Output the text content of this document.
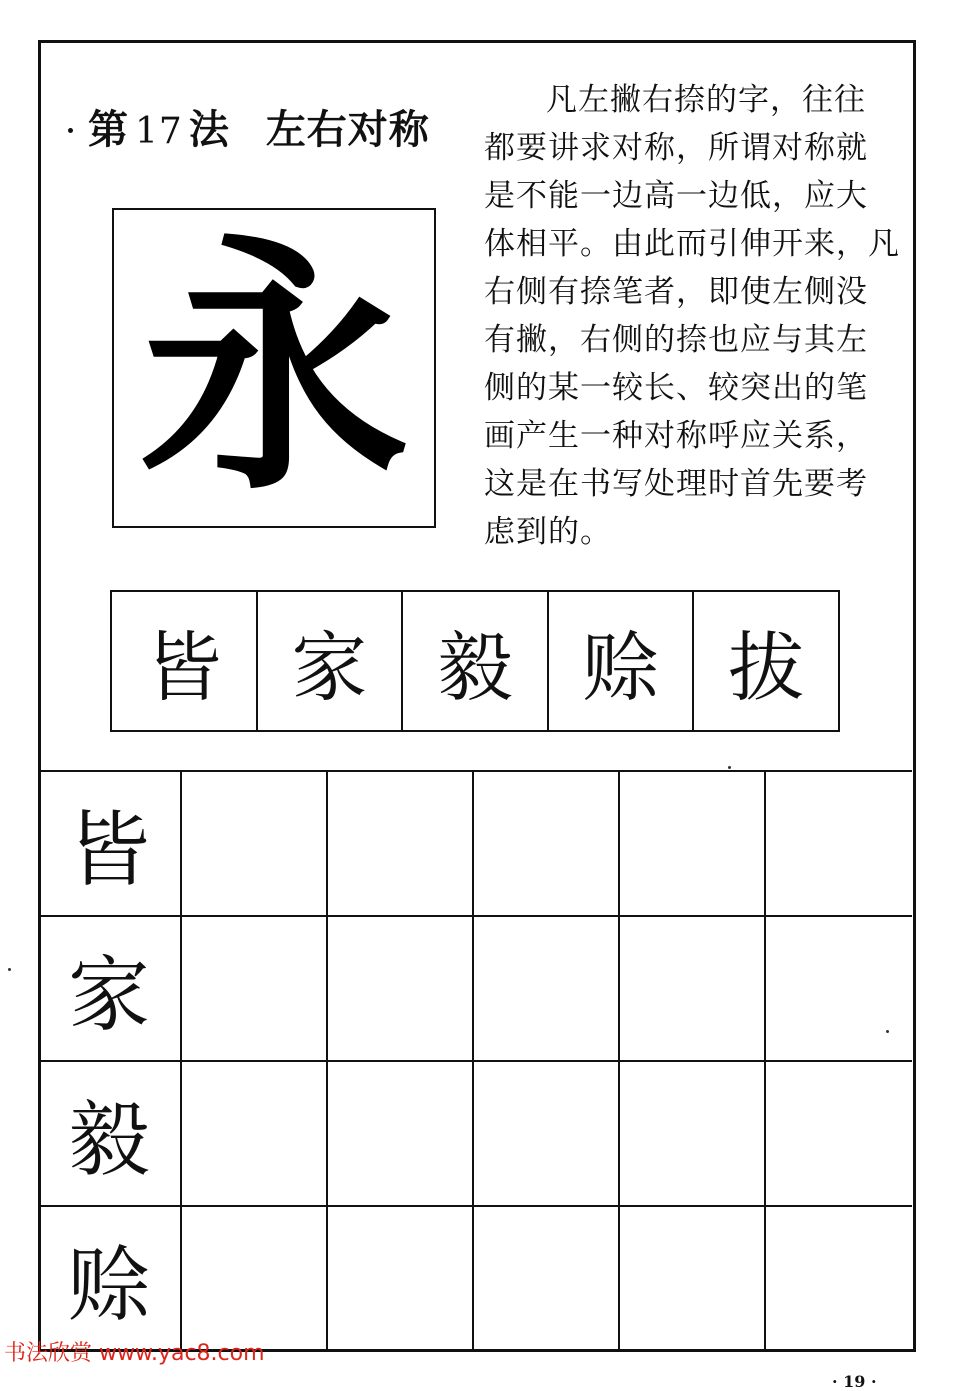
第 17 法 左右对称
永
凡左撇右捺的字，往往
都要讲求对称，所谓对称就
是不能一边高一边低，应大
体相平。由此而引伸开来，凡
右侧有捺笔者，即使左侧没
有撇，右侧的捺也应与其左
侧的某一较长、较突出的笔
画产生一种对称呼应关系，
这是在书写处理时首先要考
虑到的。
皆 家 毅 赊 拔
皆
家
毅
赊
书法欣赏 www.yac8.com
· 19 ·
